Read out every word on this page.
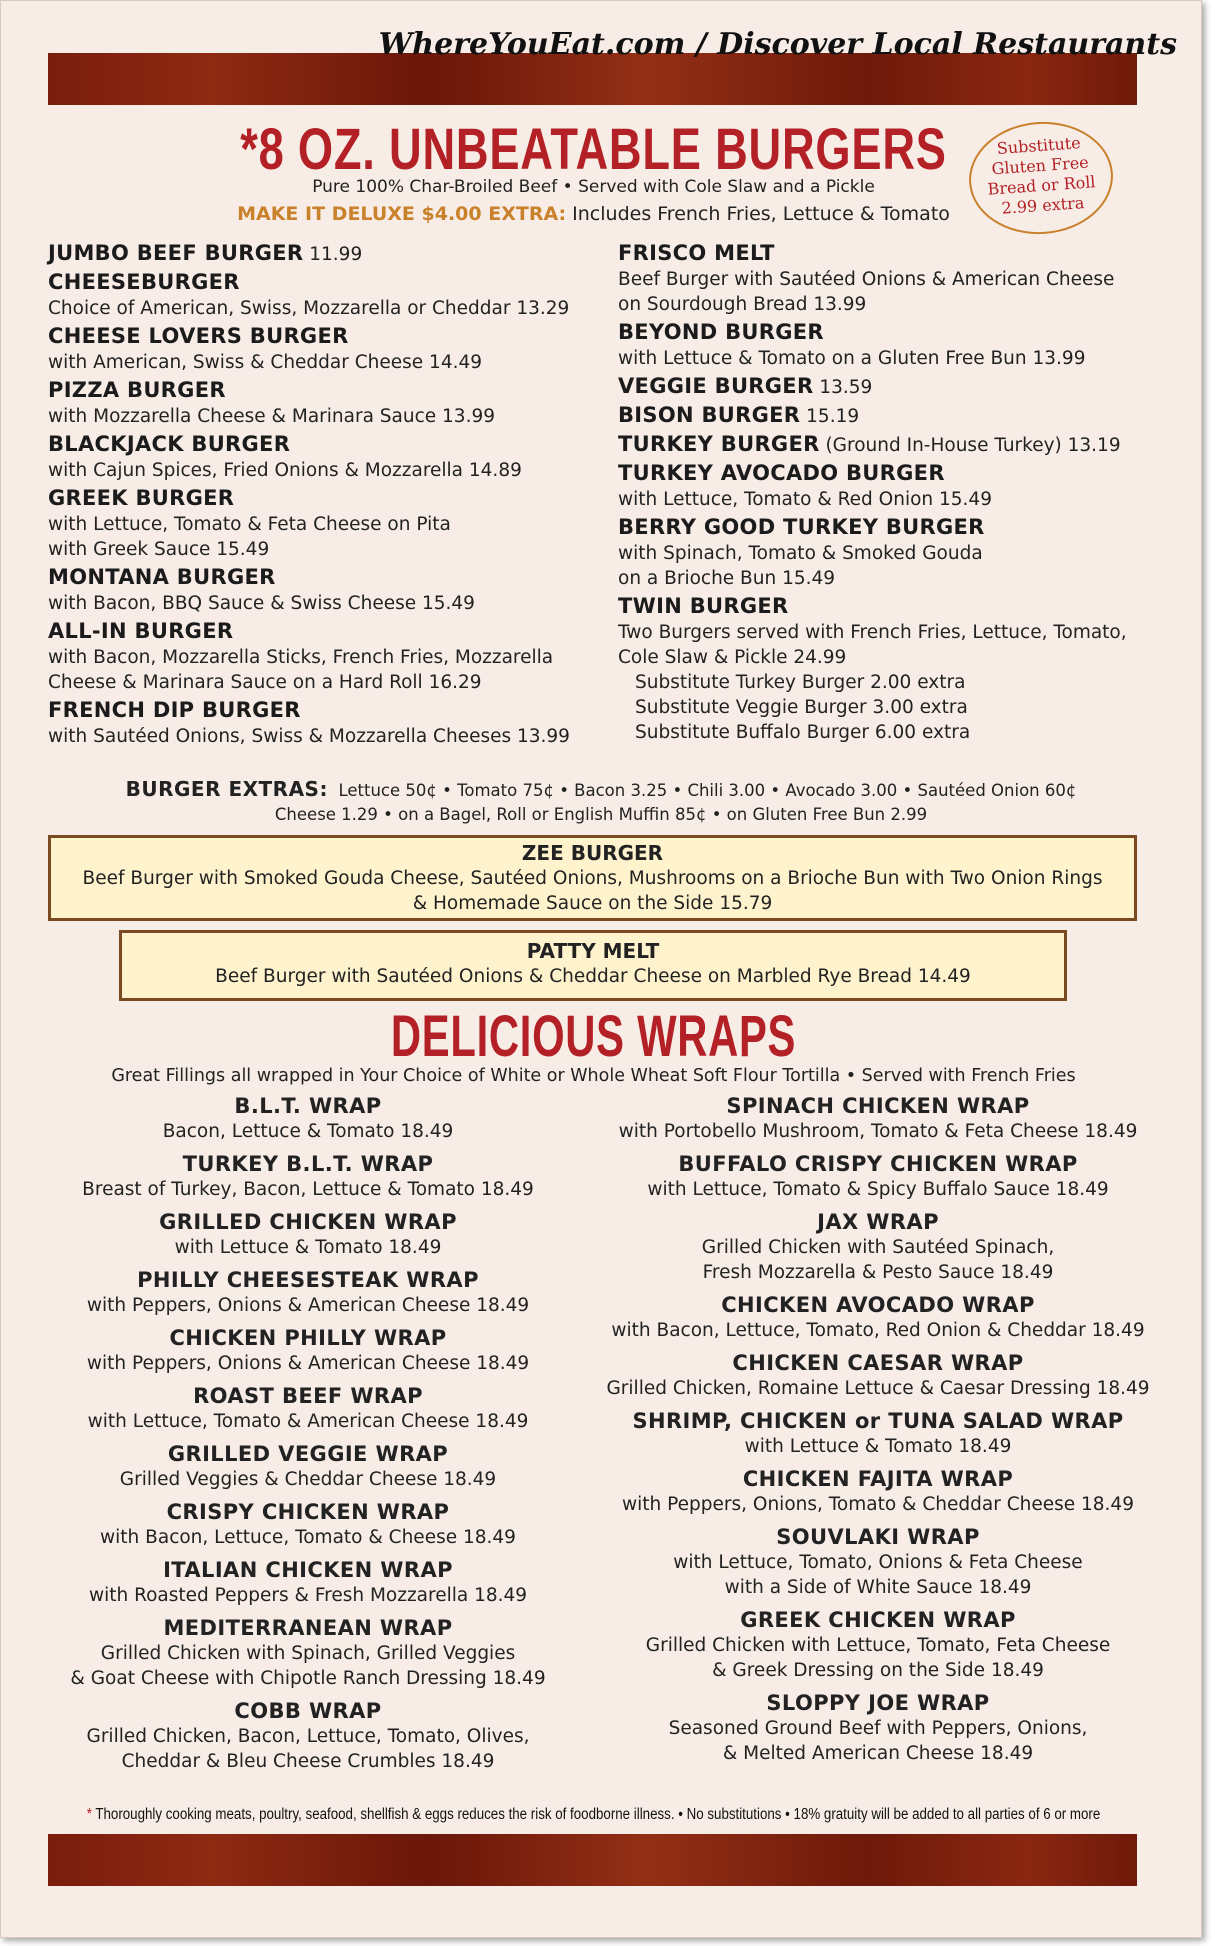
WhereYouEat.com / Discover Local Restaurants
*8 OZ. UNBEATABLE BURGERS
Pure 100% Char-Broiled Beef • Served with Cole Slaw and a Pickle
MAKE IT DELUXE $4.00 EXTRA: Includes French Fries, Lettuce & Tomato
Substitute
Gluten Free
Bread or Roll
2.99 extra
JUMBO BEEF BURGER 11.99
CHEESEBURGER
Choice of American, Swiss, Mozzarella or Cheddar 13.29
CHEESE LOVERS BURGER
with American, Swiss & Cheddar Cheese 14.49
PIZZA BURGER
with Mozzarella Cheese & Marinara Sauce 13.99
BLACKJACK BURGER
with Cajun Spices, Fried Onions & Mozzarella 14.89
GREEK BURGER
with Lettuce, Tomato & Feta Cheese on Pita
with Greek Sauce 15.49
MONTANA BURGER
with Bacon, BBQ Sauce & Swiss Cheese 15.49
ALL-IN BURGER
with Bacon, Mozzarella Sticks, French Fries, Mozzarella
Cheese & Marinara Sauce on a Hard Roll 16.29
FRENCH DIP BURGER
with Sautéed Onions, Swiss & Mozzarella Cheeses 13.99
FRISCO MELT
Beef Burger with Sautéed Onions & American Cheese
on Sourdough Bread 13.99
BEYOND BURGER
with Lettuce & Tomato on a Gluten Free Bun 13.99
VEGGIE BURGER 13.59
BISON BURGER 15.19
TURKEY BURGER (Ground In-House Turkey) 13.19
TURKEY AVOCADO BURGER
with Lettuce, Tomato & Red Onion 15.49
BERRY GOOD TURKEY BURGER
with Spinach, Tomato & Smoked Gouda
on a Brioche Bun 15.49
TWIN BURGER
Two Burgers served with French Fries, Lettuce, Tomato,
Cole Slaw & Pickle 24.99
Substitute Turkey Burger 2.00 extra
Substitute Veggie Burger 3.00 extra
Substitute Buffalo Burger 6.00 extra
BURGER EXTRAS: Lettuce 50¢ • Tomato 75¢ • Bacon 3.25 • Chili 3.00 • Avocado 3.00 • Sautéed Onion 60¢
Cheese 1.29 • on a Bagel, Roll or English Muffin 85¢ • on Gluten Free Bun 2.99
ZEE BURGER
Beef Burger with Smoked Gouda Cheese, Sautéed Onions, Mushrooms on a Brioche Bun with Two Onion Rings
& Homemade Sauce on the Side 15.79
PATTY MELT
Beef Burger with Sautéed Onions & Cheddar Cheese on Marbled Rye Bread 14.49
DELICIOUS WRAPS
Great Fillings all wrapped in Your Choice of White or Whole Wheat Soft Flour Tortilla • Served with French Fries
B.L.T. WRAP
Bacon, Lettuce & Tomato 18.49
TURKEY B.L.T. WRAP
Breast of Turkey, Bacon, Lettuce & Tomato 18.49
GRILLED CHICKEN WRAP
with Lettuce & Tomato 18.49
PHILLY CHEESESTEAK WRAP
with Peppers, Onions & American Cheese 18.49
CHICKEN PHILLY WRAP
with Peppers, Onions & American Cheese 18.49
ROAST BEEF WRAP
with Lettuce, Tomato & American Cheese 18.49
GRILLED VEGGIE WRAP
Grilled Veggies & Cheddar Cheese 18.49
CRISPY CHICKEN WRAP
with Bacon, Lettuce, Tomato & Cheese 18.49
ITALIAN CHICKEN WRAP
with Roasted Peppers & Fresh Mozzarella 18.49
MEDITERRANEAN WRAP
Grilled Chicken with Spinach, Grilled Veggies
& Goat Cheese with Chipotle Ranch Dressing 18.49
COBB WRAP
Grilled Chicken, Bacon, Lettuce, Tomato, Olives,
Cheddar & Bleu Cheese Crumbles 18.49
SPINACH CHICKEN WRAP
with Portobello Mushroom, Tomato & Feta Cheese 18.49
BUFFALO CRISPY CHICKEN WRAP
with Lettuce, Tomato & Spicy Buffalo Sauce 18.49
JAX WRAP
Grilled Chicken with Sautéed Spinach,
Fresh Mozzarella & Pesto Sauce 18.49
CHICKEN AVOCADO WRAP
with Bacon, Lettuce, Tomato, Red Onion & Cheddar 18.49
CHICKEN CAESAR WRAP
Grilled Chicken, Romaine Lettuce & Caesar Dressing 18.49
SHRIMP, CHICKEN or TUNA SALAD WRAP
with Lettuce & Tomato 18.49
CHICKEN FAJITA WRAP
with Peppers, Onions, Tomato & Cheddar Cheese 18.49
SOUVLAKI WRAP
with Lettuce, Tomato, Onions & Feta Cheese
with a Side of White Sauce 18.49
GREEK CHICKEN WRAP
Grilled Chicken with Lettuce, Tomato, Feta Cheese
& Greek Dressing on the Side 18.49
SLOPPY JOE WRAP
Seasoned Ground Beef with Peppers, Onions,
& Melted American Cheese 18.49
* Thoroughly cooking meats, poultry, seafood, shellfish & eggs reduces the risk of foodborne illness. • No substitutions • 18% gratuity will be added to all parties of 6 or more
